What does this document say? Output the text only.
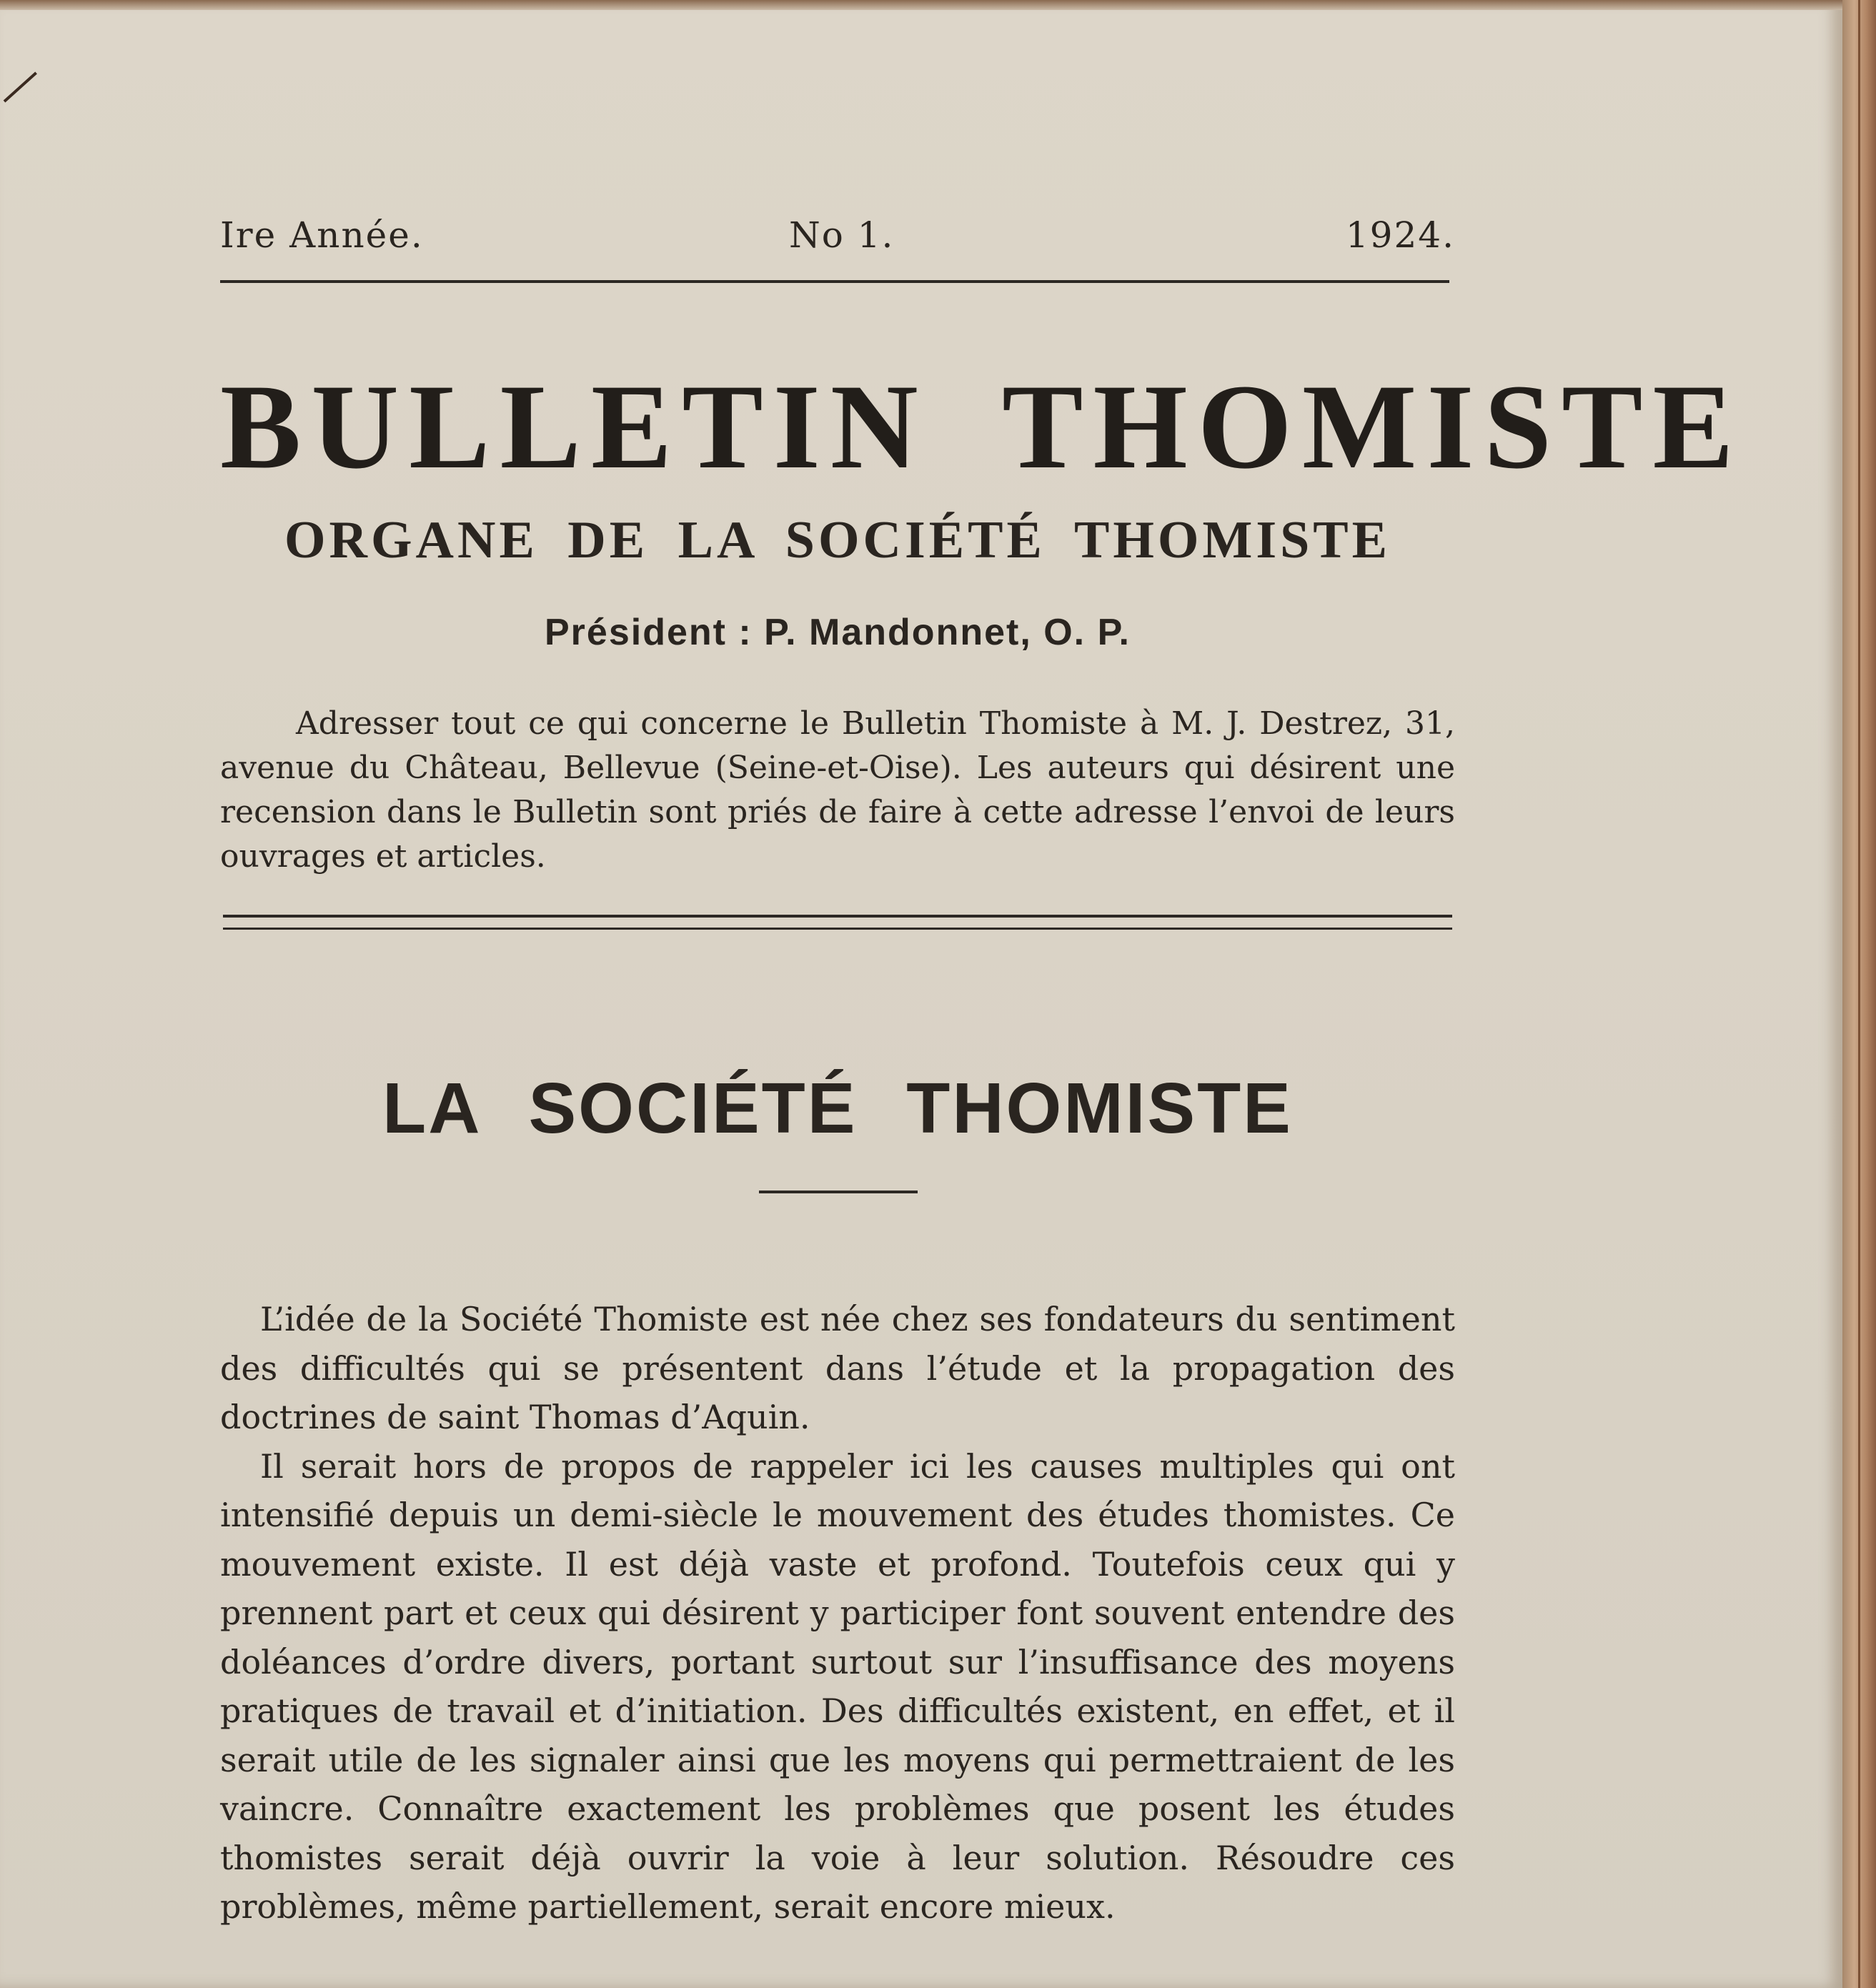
Ire Année.	No 1.	1924.
BULLETIN THOMISTE
ORGANE DE LA SOCIÉTÉ THOMISTE
Président : P. Mandonnet, O. P.

Adresser tout ce qui concerne le Bulletin Thomiste à M. J. Destrez, 31, avenue du Château, Bellevue (Seine-et-Oise). Les auteurs qui désirent une recension dans le Bulletin sont priés de faire à cette adresse l’envoi de leurs ouvrages et articles.

LA SOCIÉTÉ THOMISTE

L’idée de la Société Thomiste est née chez ses fondateurs du sentiment des difficultés qui se présentent dans l’étude et la propagation des doctrines de saint Thomas d’Aquin.

Il serait hors de propos de rappeler ici les causes multiples qui ont intensifié depuis un demi-siècle le mouvement des études thomistes. Ce mouvement existe. Il est déjà vaste et profond. Toutefois ceux qui y prennent part et ceux qui désirent y participer font souvent entendre des doléances d’ordre divers, portant surtout sur l’insuffisance des moyens pratiques de travail et d’initiation. Des difficultés existent, en effet, et il serait utile de les signaler ainsi que les moyens qui permettraient de les vaincre. Connaître exactement les problèmes que posent les études thomistes serait déjà ouvrir la voie à leur solution. Résoudre ces problèmes, même partiellement, serait encore mieux.
